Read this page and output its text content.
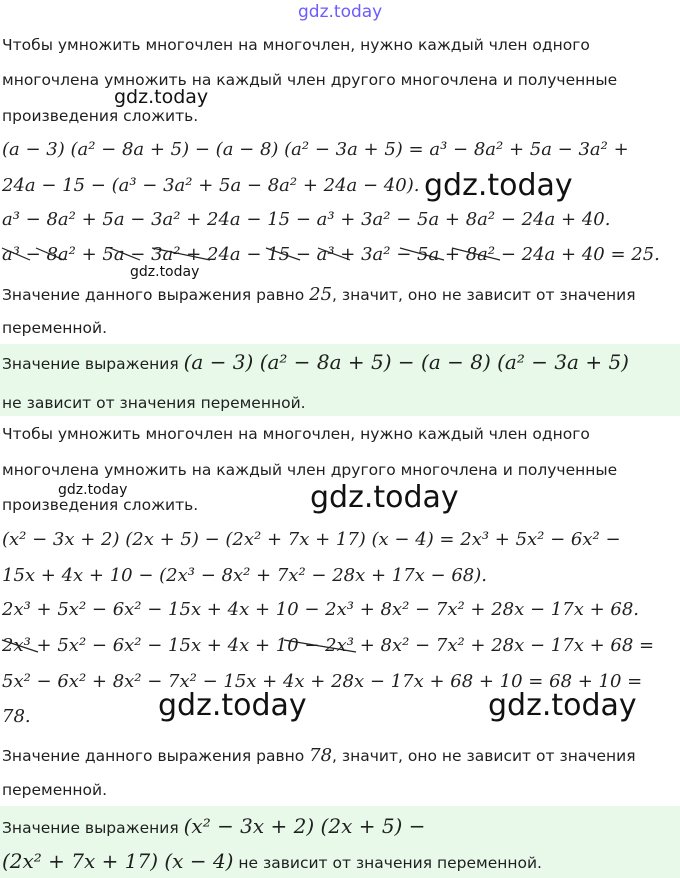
gdz.today
gdz.today
gdz.today
gdz.today
gdz.today	gdz.today
gdz.today	gdz.today
Чтобы умножить многочлен на многочлен, нужно каждый член одного
многочлена умножить на каждый член другого многочлена и полученные
произведения сложить.
(a − 3) (a² − 8a + 5) − (a − 8) (a² − 3a + 5) = a³ − 8a² + 5a − 3a² +
24a − 15 − (a³ − 3a² + 5a − 8a² + 24a − 40).
a³ − 8a² + 5a − 3a² + 24a − 15 − a³ + 3a² − 5a + 8a² − 24a + 40.
a³ − 8a² + 5a − 3a² + 24a − 15 − a³ + 3a² − 5a + 8a² − 24a + 40 = 25.
Значение данного выражения равно 25, значит, оно не зависит от значения
переменной.
Значение выражения (a − 3) (a² − 8a + 5) − (a − 8) (a² − 3a + 5)
не зависит от значения переменной.
Чтобы умножить многочлен на многочлен, нужно каждый член одного
многочлена умножить на каждый член другого многочлена и полученные
произведения сложить.
(x² − 3x + 2) (2x + 5) − (2x² + 7x + 17) (x − 4) = 2x³ + 5x² − 6x² −
15x + 4x + 10 − (2x³ − 8x² + 7x² − 28x + 17x − 68).
2x³ + 5x² − 6x² − 15x + 4x + 10 − 2x³ + 8x² − 7x² + 28x − 17x + 68.
2x³ + 5x² − 6x² − 15x + 4x + 10 − 2x³ + 8x² − 7x² + 28x − 17x + 68 =
5x² − 6x² + 8x² − 7x² − 15x + 4x + 28x − 17x + 68 + 10 = 68 + 10 =
78.
Значение данного выражения равно 78, значит, оно не зависит от значения
переменной.
Значение выражения (x² − 3x + 2) (2x + 5) −
(2x² + 7x + 17) (x − 4) не зависит от значения переменной.
